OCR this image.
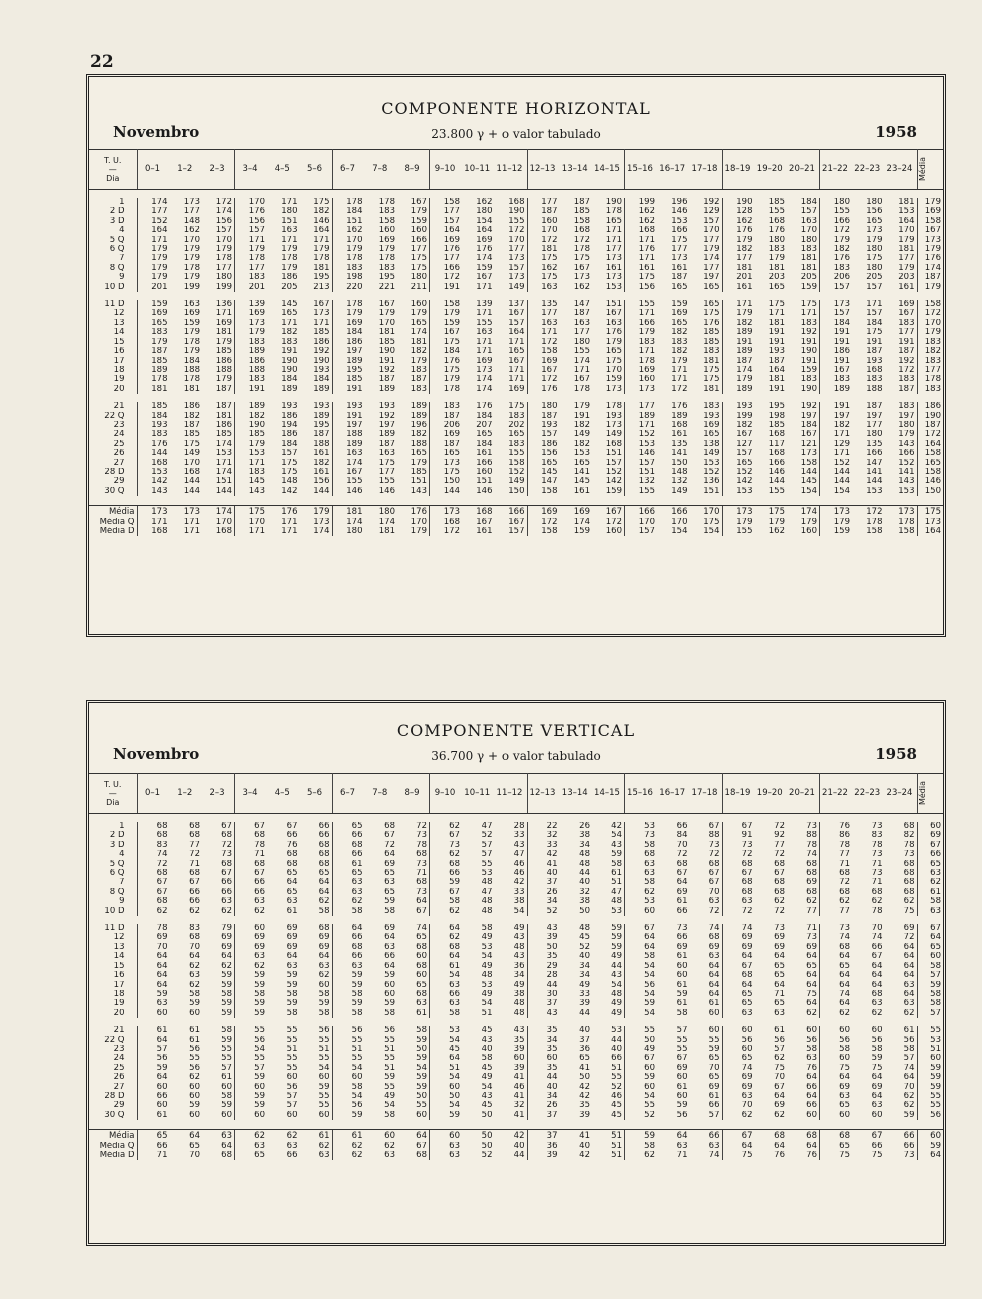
22
COMPONENTE HORIZONTAL
Novembro	23.800 γ + o valor tabulado	1958
T. U.
—
Dia	0–1	1–2	2–3	3–4	4–5	5–6	6–7	7–8	8–9	9–10	10–11	11–12	12–13	13–14	14–15	15–16	16–17	17–18	18–19	19–20	20–21	21–22	22–23	23–24	Média

1	174	173	172	170	171	175	178	178	167	158	162	168	177	187	190	199	196	192	190	185	184	180	180	181	179
2 D	177	177	174	176	180	182	184	183	179	177	180	190	187	185	178	162	146	129	128	155	157	155	156	153	169
3 D	152	148	156	156	151	146	151	158	159	157	154	155	160	158	165	162	153	157	162	168	163	166	165	164	158
4	164	162	157	157	163	164	162	160	160	164	164	172	170	168	171	168	166	170	176	176	170	172	173	170	167
5 Q	171	170	170	171	171	171	170	169	166	169	169	170	172	172	171	171	175	177	179	180	180	179	179	179	173
6 Q	179	179	179	179	179	179	179	179	177	176	176	177	181	178	177	176	177	179	182	183	183	182	180	181	179
7	179	179	178	178	178	178	178	178	175	177	174	173	175	175	173	171	173	174	177	179	181	176	175	177	176
8 Q	179	178	177	177	179	181	183	183	175	166	159	157	162	167	161	161	161	177	181	181	181	183	180	179	174
9	179	179	180	183	186	195	198	195	180	172	167	173	175	173	173	175	187	197	201	203	205	206	205	203	187
10 D	201	199	199	201	205	213	220	221	211	191	171	149	163	162	153	156	165	165	161	165	159	157	157	161	179

11 D	159	163	136	139	145	167	178	167	160	158	139	137	135	147	151	155	159	165	171	175	175	173	171	169	158
12	169	169	171	169	165	173	179	179	179	179	171	167	177	187	167	171	169	175	179	171	171	157	157	167	172
13	165	159	169	173	171	171	169	170	165	159	155	157	163	163	163	166	165	176	182	181	183	184	184	183	170
14	183	179	181	179	182	185	184	181	174	167	163	164	171	177	176	179	182	185	189	191	192	191	175	177	179
15	179	178	179	183	183	186	186	185	181	175	171	171	172	180	179	183	183	185	191	191	191	191	191	191	183
16	187	179	185	189	191	192	197	190	182	184	171	165	158	155	165	171	182	183	189	193	190	186	187	187	182
17	185	184	186	186	190	190	189	191	179	176	169	167	169	174	175	178	179	181	187	187	191	191	193	192	183
18	189	188	188	188	190	193	195	192	183	175	173	171	167	171	170	169	171	175	174	164	159	167	168	172	177
19	178	178	179	183	184	184	185	187	187	179	174	171	172	167	159	160	171	175	179	181	183	183	183	183	178
20	181	181	187	191	189	189	191	189	183	178	174	169	176	178	173	173	172	181	189	191	190	189	188	187	183

21	185	186	187	189	193	193	193	193	189	183	176	175	180	179	178	177	176	183	193	195	192	191	187	183	186
22 Q	184	182	181	182	186	189	191	192	189	187	184	183	187	191	193	189	189	193	199	198	197	197	197	197	190
23	193	187	186	190	194	195	197	197	196	206	207	202	193	182	173	171	168	169	182	185	184	182	177	180	187
24	183	185	185	185	186	187	188	189	182	169	165	165	157	149	149	152	161	165	167	168	167	171	180	179	172
25	176	175	174	179	184	188	189	187	188	187	184	183	186	182	168	153	135	138	127	117	121	129	135	143	164
26	144	149	153	153	157	161	163	163	165	165	161	155	156	153	151	146	141	149	157	168	173	171	166	166	158
27	168	170	171	171	175	182	174	175	179	173	166	158	165	165	157	157	150	153	165	166	158	152	147	152	165
28 D	153	168	174	183	175	161	167	177	185	175	160	152	145	141	152	151	148	152	152	146	144	144	141	141	158
29	142	144	151	145	148	156	155	155	151	150	151	149	147	145	142	132	132	136	142	144	145	144	144	143	146
30 Q	143	144	144	143	142	144	146	146	143	144	146	150	158	161	159	155	149	151	153	155	154	154	153	153	150

Média	173	173	174	175	176	179	181	180	176	173	168	166	169	169	167	166	166	170	173	175	174	173	172	173	175
Média Q	171	171	170	170	171	173	174	174	170	168	167	167	172	174	172	170	170	175	179	179	179	179	178	178	173
Média D	168	171	168	171	171	174	180	181	179	172	161	157	158	159	160	157	154	154	155	162	160	159	158	158	164
COMPONENTE VERTICAL
Novembro	36.700 γ + o valor tabulado	1958
T. U.
—
Dia	0–1	1–2	2–3	3–4	4–5	5–6	6–7	7–8	8–9	9–10	10–11	11–12	12–13	13–14	14–15	15–16	16–17	17–18	18–19	19–20	20–21	21–22	22–23	23–24	Média

1	68	68	67	67	67	66	65	68	72	62	47	28	22	26	42	53	66	67	67	72	73	76	73	68	60
2 D	68	68	68	68	66	66	66	67	73	67	52	33	32	38	54	73	84	88	91	92	88	86	83	82	69
3 D	83	77	72	78	76	68	68	72	78	73	57	43	33	34	43	58	70	73	73	77	78	78	78	78	67
4	74	72	73	71	68	68	66	64	68	62	57	47	42	48	59	68	72	72	72	72	74	77	73	73	66
5 Q	72	71	68	68	68	68	61	69	73	68	55	46	41	48	58	63	68	68	68	68	68	71	71	68	65
6 Q	68	68	67	67	65	65	65	65	71	66	53	46	40	44	61	63	67	67	67	67	68	68	73	68	63
7	67	67	66	66	64	64	63	63	68	59	48	42	37	40	51	58	64	67	68	68	69	72	71	68	62
8 Q	67	66	66	66	65	64	63	65	73	67	47	33	26	32	47	62	69	70	68	68	68	68	68	68	61
9	68	66	63	63	63	62	62	59	64	58	48	38	34	38	48	53	61	63	63	62	62	62	62	62	58
10 D	62	62	62	62	61	58	58	58	67	62	48	54	52	50	53	60	66	72	72	72	77	77	78	75	63

11 D	78	83	79	60	69	68	64	69	74	64	58	49	43	48	59	67	73	74	74	73	71	73	70	69	67
12	69	68	69	69	69	69	66	64	65	62	49	43	39	45	59	64	66	68	69	69	73	74	74	72	64
13	70	70	69	69	69	69	68	63	68	68	53	48	50	52	59	64	69	69	69	69	69	68	66	64	65
14	64	64	64	63	64	64	66	66	60	64	54	43	35	40	49	58	61	63	64	64	64	64	67	64	60
15	64	62	62	62	63	63	63	64	68	61	49	36	29	34	44	54	60	64	67	65	65	65	64	64	58
16	64	63	59	59	59	62	59	59	60	54	48	34	28	34	43	54	60	64	68	65	64	64	64	64	57
17	64	62	59	59	59	60	59	60	65	63	53	49	44	49	54	56	61	64	64	64	64	64	64	63	59
18	59	58	58	58	58	58	58	60	68	66	49	38	30	33	48	54	59	64	65	71	75	74	68	64	58
19	63	59	59	59	59	59	59	59	63	63	54	48	37	39	49	59	61	61	65	65	64	64	63	63	58
20	60	60	59	59	58	58	58	58	61	58	51	48	43	44	49	54	58	60	63	63	62	62	62	62	57

21	61	61	58	55	55	56	56	56	58	53	45	43	35	40	53	55	57	60	60	61	60	60	60	61	55
22 Q	64	61	59	56	55	55	55	55	59	54	43	35	34	37	44	50	55	55	56	56	56	56	56	56	53
23	57	56	55	54	51	51	51	51	50	45	40	39	35	36	40	49	55	59	60	57	58	58	58	58	51
24	56	55	55	55	55	55	55	55	59	64	58	60	60	65	66	67	67	65	65	62	63	60	59	57	60
25	59	56	57	57	55	54	54	51	54	51	45	39	35	41	51	60	69	70	74	75	76	75	75	74	59
26	64	62	61	59	60	60	60	59	59	54	49	41	44	50	55	59	60	65	69	70	64	64	64	64	59
27	60	60	60	60	56	59	58	55	59	60	54	46	40	42	52	60	61	69	69	67	66	69	69	70	59
28 D	66	60	58	59	57	55	54	49	50	50	43	41	34	42	46	54	60	61	63	64	64	63	64	62	55
29	60	59	59	59	57	55	56	54	55	54	45	32	26	35	45	55	59	66	70	69	66	65	63	62	55
30 Q	61	60	60	60	60	60	59	58	60	59	50	41	37	39	45	52	56	57	62	62	60	60	60	59	56

Média	65	64	63	62	62	61	61	60	64	60	50	42	37	41	51	59	64	66	67	68	68	68	67	66	60
Média Q	66	65	64	63	63	62	62	62	67	63	50	40	36	40	51	58	63	63	64	64	64	65	66	66	59
Média D	71	70	68	65	66	63	62	63	68	63	52	44	39	42	51	62	71	74	75	76	76	75	75	73	64
